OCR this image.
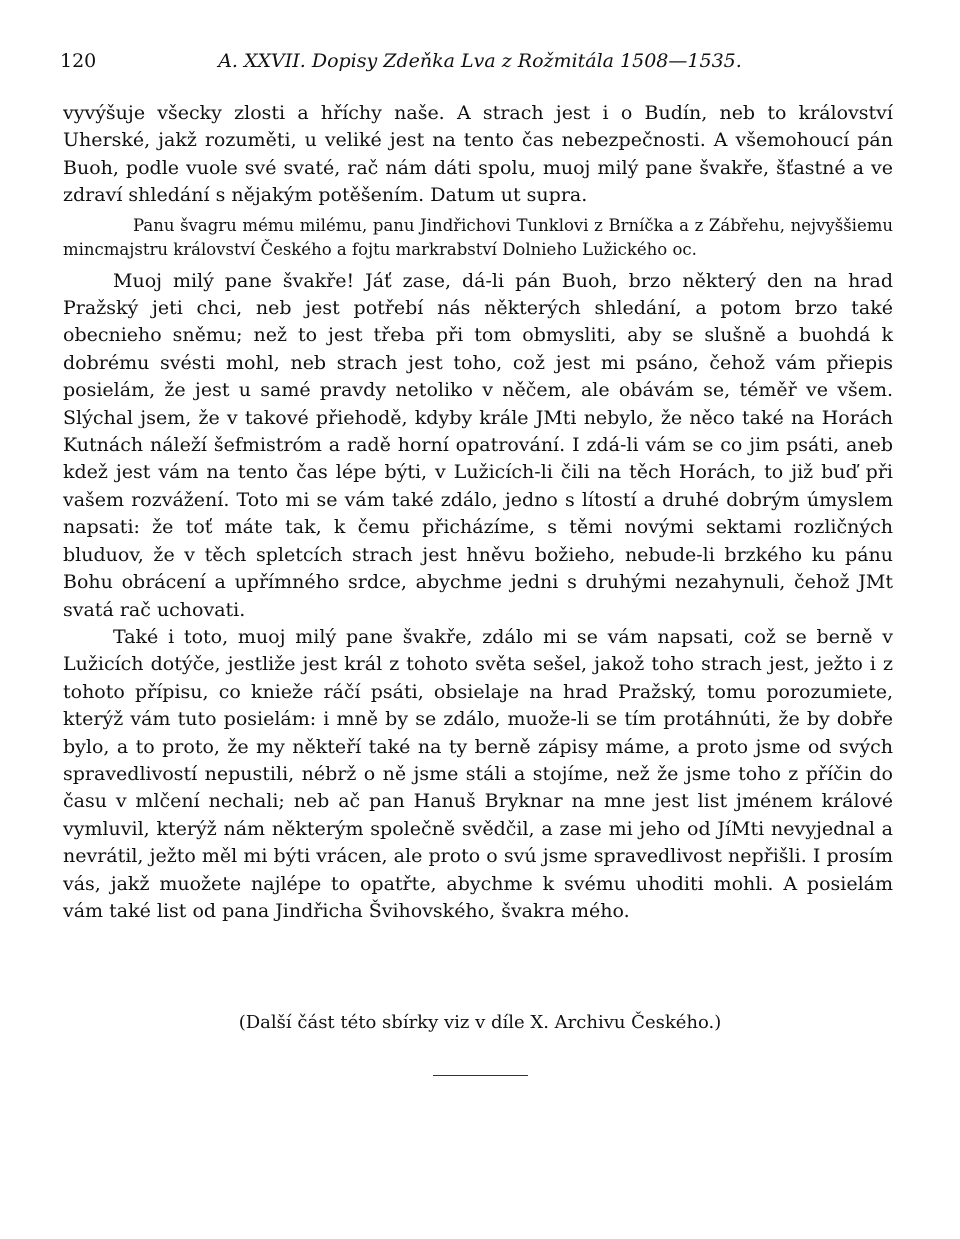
120	A. XXVII. Dopisy Zdeňka Lva z Rožmitála 1508—1535.

vyvýšuje všecky zlosti a hříchy naše. A strach jest i o Budín, neb to království Uherské, jakž rozuměti, u veliké jest na tento čas nebezpečnosti. A všemohoucí pán Buoh, podle vuole své svaté, rač nám dáti spolu, muoj milý pane švakře, šťastné a ve zdraví shledání s nějakým potěšením. Datum ut supra.

Panu švagru mému milému, panu Jindřichovi Tunklovi z Brníčka a z Zábřehu, nejvyššiemu mincmajstru království Českého a fojtu markrabství Dolnieho Lužického oc.

Muoj milý pane švakře! Jáť zase, dá-li pán Buoh, brzo některý den na hrad Pražský jeti chci, neb jest potřebí nás některých shledání, a potom brzo také obecnieho sněmu; než to jest třeba při tom obmysliti, aby se slušně a buohdá k dobrému svésti mohl, neb strach jest toho, což jest mi psáno, čehož vám přiepis posielám, že jest u samé pravdy netoliko v něčem, ale obávám se, téměř ve všem. Slýchal jsem, že v takové přiehodě, kdyby krále JMti nebylo, že něco také na Horách Kutnách náleží šefmistróm a radě horní opatrování. I zdá-li vám se co jim psáti, aneb kdež jest vám na tento čas lépe býti, v Lužicích-li čili na těch Horách, to již buď při vašem rozvážení. Toto mi se vám také zdálo, jedno s lítostí a druhé dobrým úmyslem napsati: že toť máte tak, k čemu přicházíme, s těmi novými sektami rozličných bluduov, že v těch spletcích strach jest hněvu božieho, nebude-li brzkého ku pánu Bohu obrácení a upřímného srdce, abychme jedni s druhými nezahynuli, čehož JMt svatá rač uchovati.

Také i toto, muoj milý pane švakře, zdálo mi se vám napsati, což se berně v Lužicích dotýče, jestliže jest král z tohoto světa sešel, jakož toho strach jest, ježto i z tohoto přípisu, co knieže ráčí psáti, obsielaje na hrad Pražský, tomu porozumiete, kterýž vám tuto posielám: i mně by se zdálo, muože-li se tím protáhnúti, že by dobře bylo, a to proto, že my někteří také na ty berně zápisy máme, a proto jsme od svých spravedlivostí nepustili, nébrž o ně jsme stáli a stojíme, než že jsme toho z příčin do času v mlčení nechali; neb ač pan Hanuš Bryknar na mne jest list jménem králové vymluvil, kterýž nám některým společně svědčil, a zase mi jeho od JíMti nevyjednal a nevrátil, ježto měl mi býti vrácen, ale proto o svú jsme spravedlivost nepřišli. I prosím vás, jakž muožete najlépe to opatřte, abychme k svému uhoditi mohli. A posielám vám také list od pana Jindřicha Švihovského, švakra mého.

(Další část této sbírky viz v díle X. Archivu Českého.)
